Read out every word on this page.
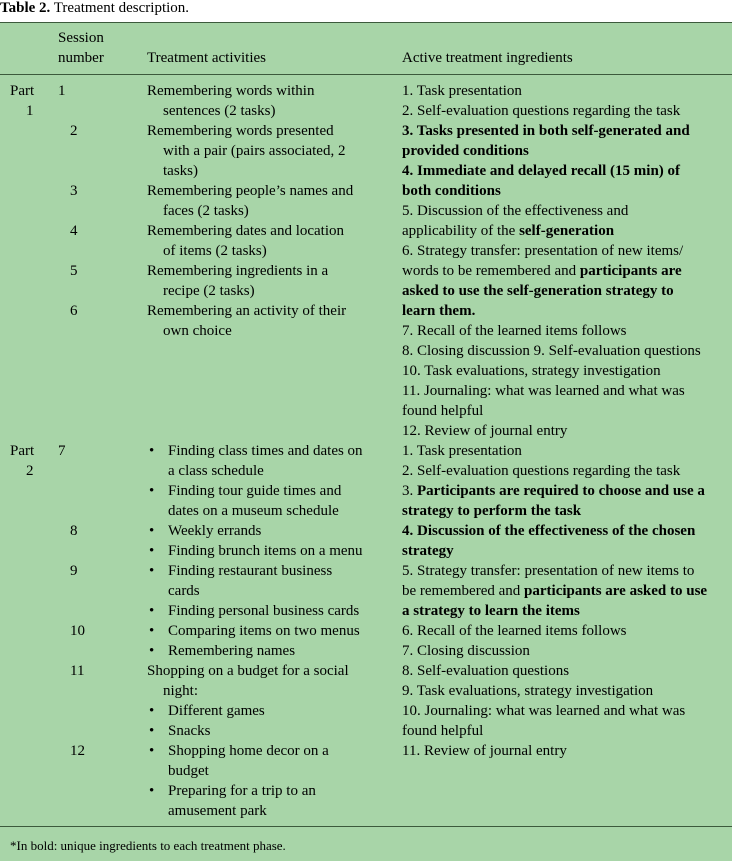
Table 2. Treatment description.
Session
number	Treatment activities	Active treatment ingredients
Part
1
1
2
3
4
5
6
Remembering words within
sentences (2 tasks)
Remembering words presented
with a pair (pairs associated, 2
tasks)
Remembering people’s names and
faces (2 tasks)
Remembering dates and location
of items (2 tasks)
Remembering ingredients in a
recipe (2 tasks)
Remembering an activity of their
own choice
1. Task presentation
2. Self-evaluation questions regarding the task
3. Tasks presented in both self-generated and
provided conditions
4. Immediate and delayed recall (15 min) of
both conditions
5. Discussion of the effectiveness and
applicability of the self-generation
6. Strategy transfer: presentation of new items/
words to be remembered and participants are
asked to use the self-generation strategy to
learn them.
7. Recall of the learned items follows
8. Closing discussion 9. Self-evaluation questions
10. Task evaluations, strategy investigation
11. Journaling: what was learned and what was
found helpful
12. Review of journal entry
Part
2
7
8
9
10
11
12
• Finding class times and dates on
a class schedule
• Finding tour guide times and
dates on a museum schedule
• Weekly errands
• Finding brunch items on a menu
• Finding restaurant business
cards
• Finding personal business cards
• Comparing items on two menus
• Remembering names
Shopping on a budget for a social
night:
• Different games
• Snacks
• Shopping home decor on a
budget
• Preparing for a trip to an
amusement park
1. Task presentation
2. Self-evaluation questions regarding the task
3. Participants are required to choose and use a
strategy to perform the task
4. Discussion of the effectiveness of the chosen
strategy
5. Strategy transfer: presentation of new items to
be remembered and participants are asked to use
a strategy to learn the items
6. Recall of the learned items follows
7. Closing discussion
8. Self-evaluation questions
9. Task evaluations, strategy investigation
10. Journaling: what was learned and what was
found helpful
11. Review of journal entry
*In bold: unique ingredients to each treatment phase.
